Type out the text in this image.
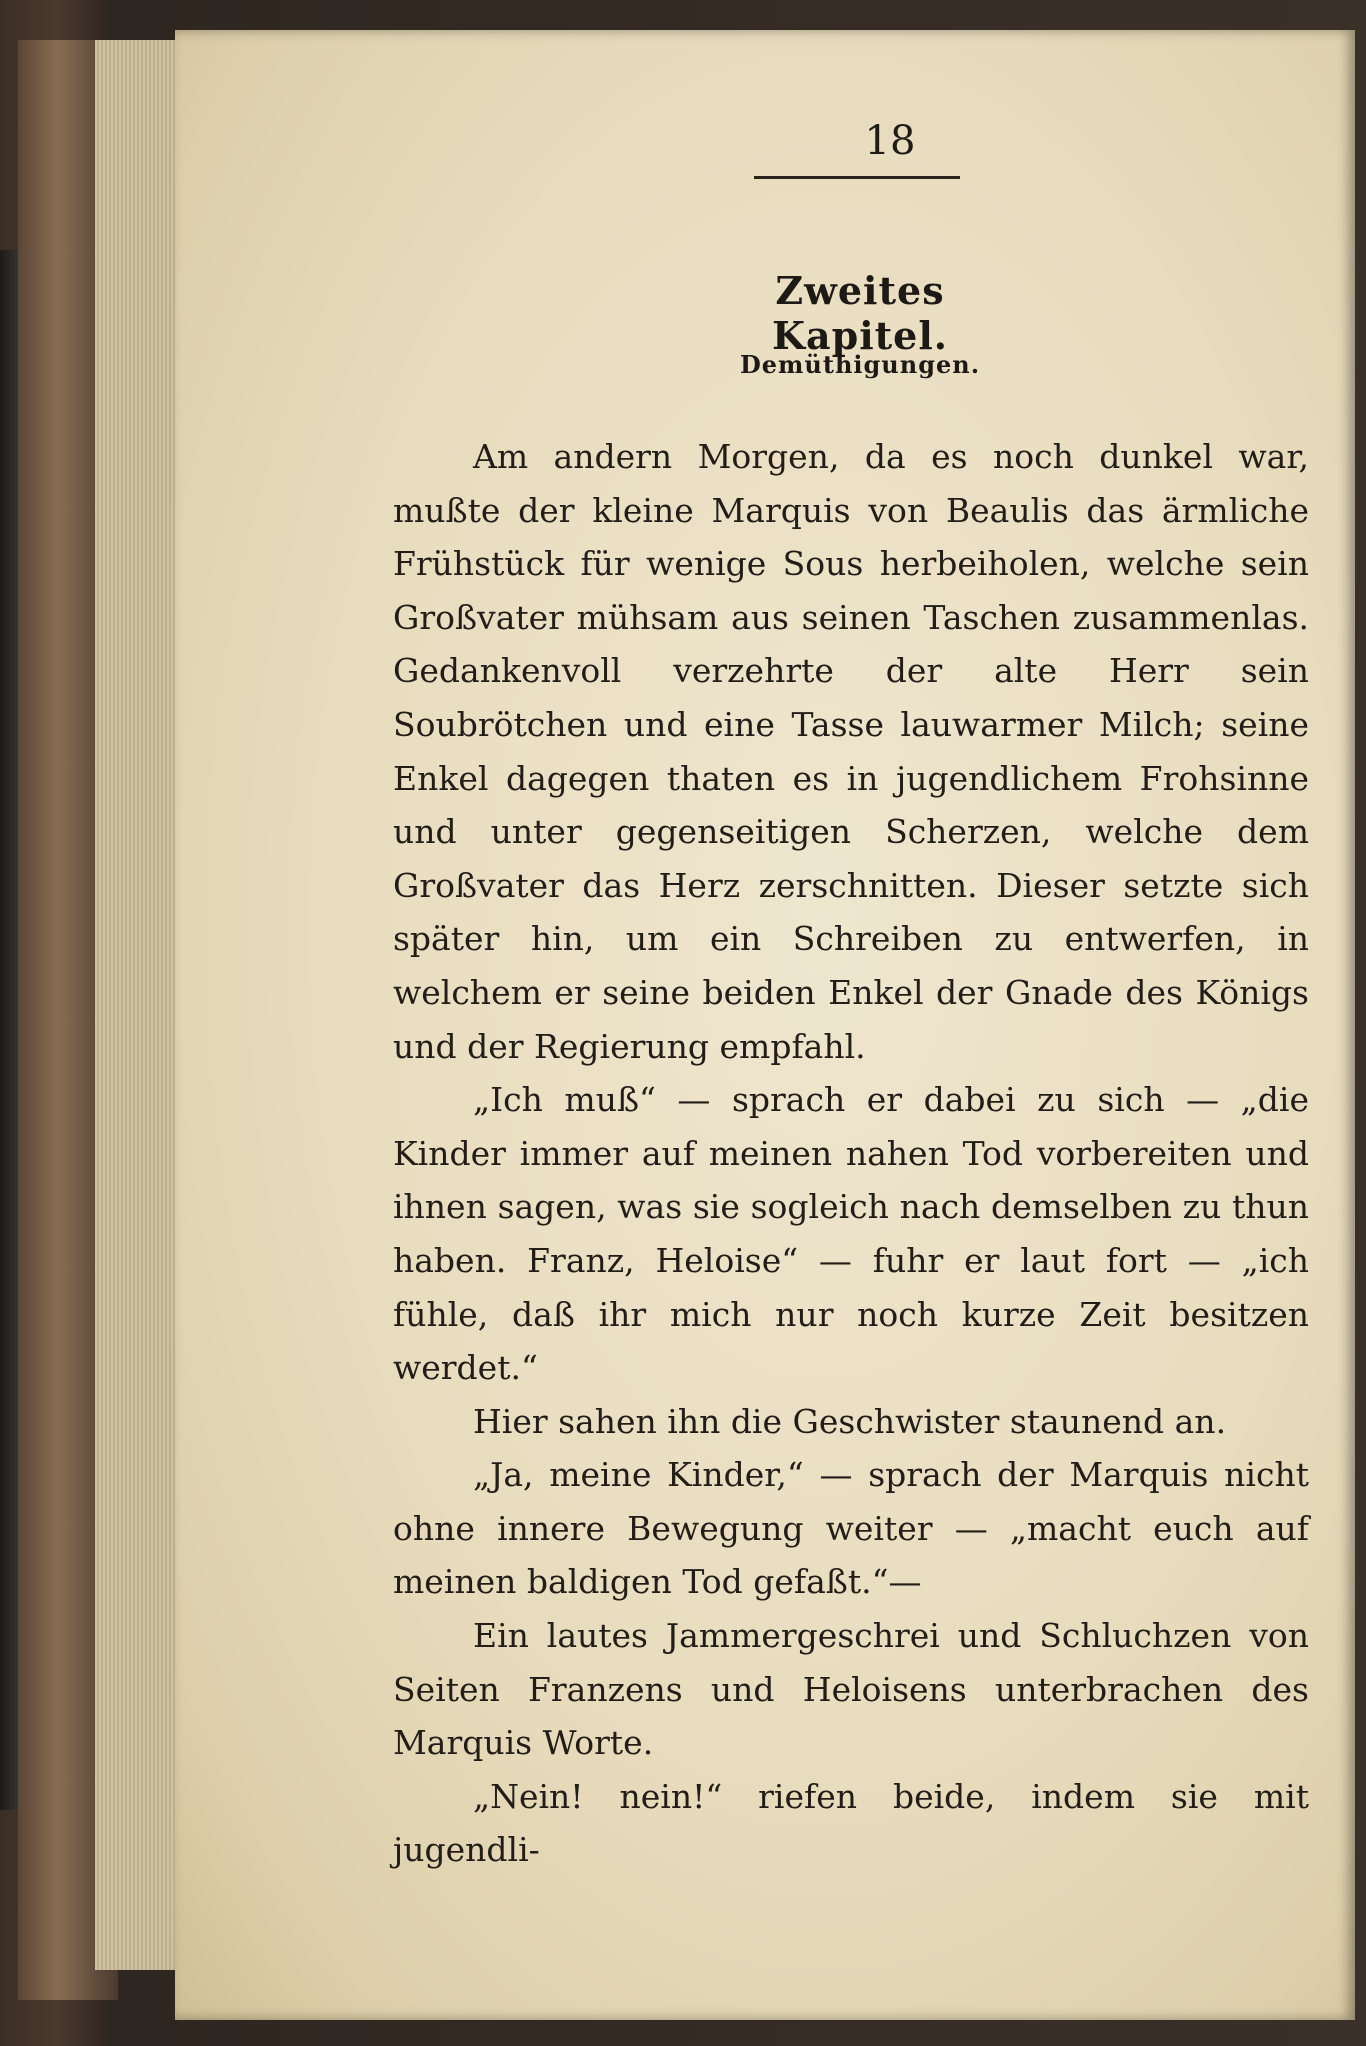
18
Zweites Kapitel.
Demüthigungen.

Am andern Morgen, da es noch dunkel war, mußte der kleine Marquis von Beaulis das ärmliche Frühstück für wenige Sous herbeiholen, welche sein Großvater mühsam aus seinen Taschen zusammenlas. Gedankenvoll verzehrte der alte Herr sein Soubrötchen und eine Tasse lauwarmer Milch; seine Enkel dagegen thaten es in jugendlichem Frohsinne und unter gegenseitigen Scherzen, welche dem Großvater das Herz zerschnitten. Dieser setzte sich später hin, um ein Schreiben zu entwerfen, in welchem er seine beiden Enkel der Gnade des Königs und der Regierung empfahl.

„Ich muß“ — sprach er dabei zu sich — „die Kinder immer auf meinen nahen Tod vorbereiten und ihnen sagen, was sie sogleich nach demselben zu thun haben. Franz, Heloise“ — fuhr er laut fort — „ich fühle, daß ihr mich nur noch kurze Zeit besitzen werdet.“

Hier sahen ihn die Geschwister staunend an.

„Ja, meine Kinder,“ — sprach der Marquis nicht ohne innere Bewegung weiter — „macht euch auf meinen baldigen Tod gefaßt.“—

Ein lautes Jammergeschrei und Schluchzen von Seiten Franzens und Heloisens unterbrachen des Marquis Worte.

„Nein! nein!“ riefen beide, indem sie mit jugendli-
